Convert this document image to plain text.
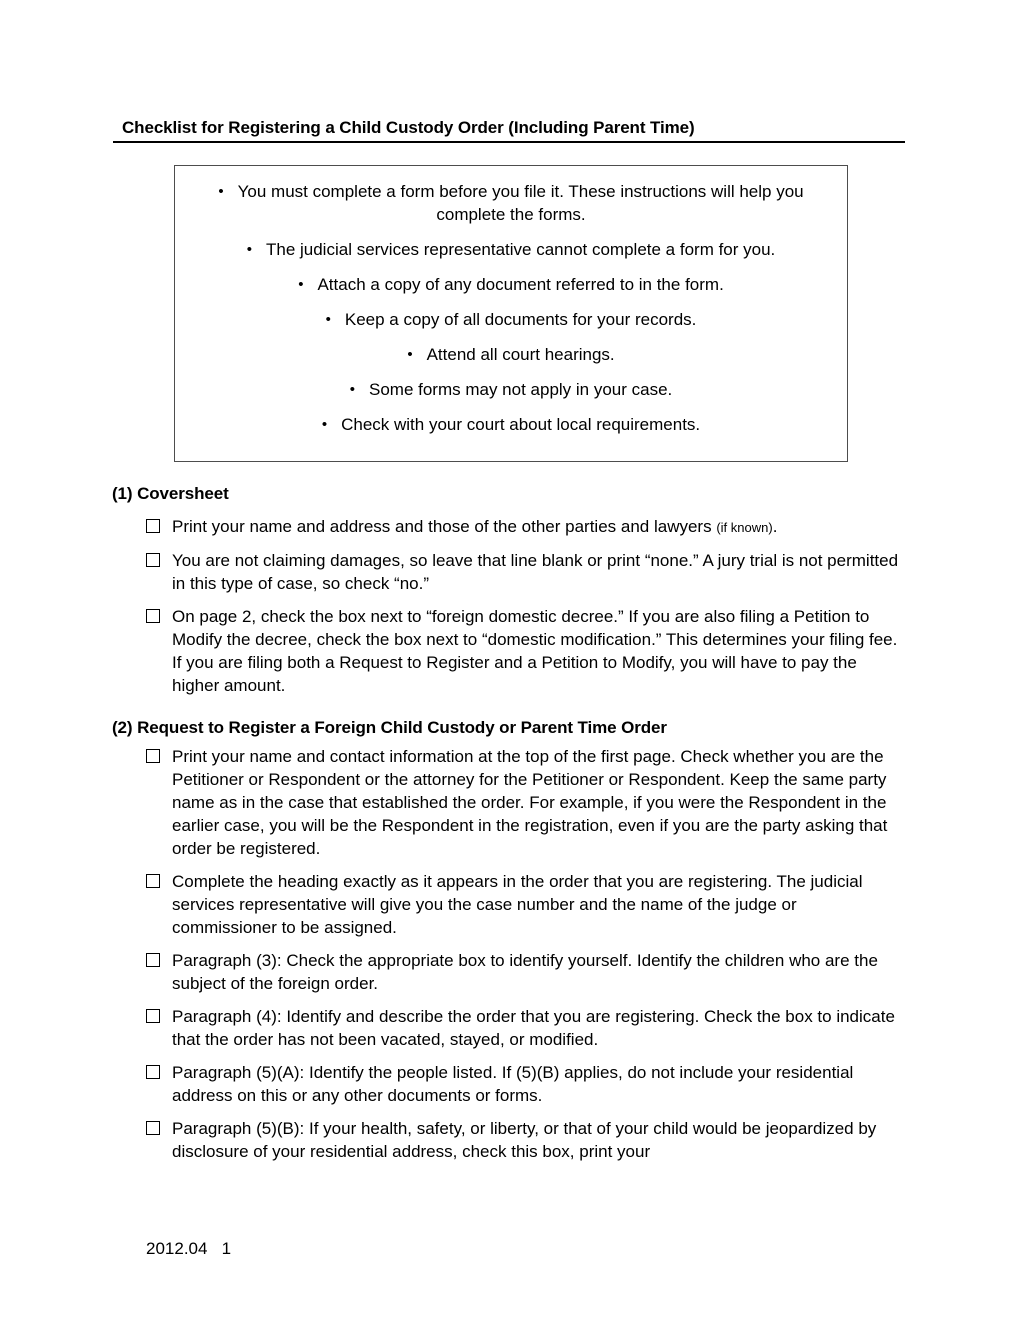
Checklist for Registering a Child Custody Order (Including Parent Time)
• You must complete a form before you file it. These instructions will help you complete the forms.
• The judicial services representative cannot complete a form for you.
• Attach a copy of any document referred to in the form.
• Keep a copy of all documents for your records.
• Attend all court hearings.
• Some forms may not apply in your case.
• Check with your court about local requirements.
(1) Coversheet
Print your name and address and those of the other parties and lawyers (if known).
You are not claiming damages, so leave that line blank or print “none.” A jury trial is not permitted in this type of case, so check “no.”
On page 2, check the box next to “foreign domestic decree.” If you are also filing a Petition to Modify the decree, check the box next to “domestic modification.” This determines your filing fee. If you are filing both a Request to Register and a Petition to Modify, you will have to pay the higher amount.
(2) Request to Register a Foreign Child Custody or Parent Time Order
Print your name and contact information at the top of the first page. Check whether you are the Petitioner or Respondent or the attorney for the Petitioner or Respondent. Keep the same party name as in the case that established the order. For example, if you were the Respondent in the earlier case, you will be the Respondent in the registration, even if you are the party asking that order be registered.
Complete the heading exactly as it appears in the order that you are registering. The judicial services representative will give you the case number and the name of the judge or commissioner to be assigned.
Paragraph (3): Check the appropriate box to identify yourself. Identify the children who are the subject of the foreign order.
Paragraph (4): Identify and describe the order that you are registering. Check the box to indicate that the order has not been vacated, stayed, or modified.
Paragraph (5)(A): Identify the people listed. If (5)(B) applies, do not include your residential address on this or any other documents or forms.
Paragraph (5)(B): If your health, safety, or liberty, or that of your child would be jeopardized by disclosure of your residential address, check this box, print your
2012.04   1
